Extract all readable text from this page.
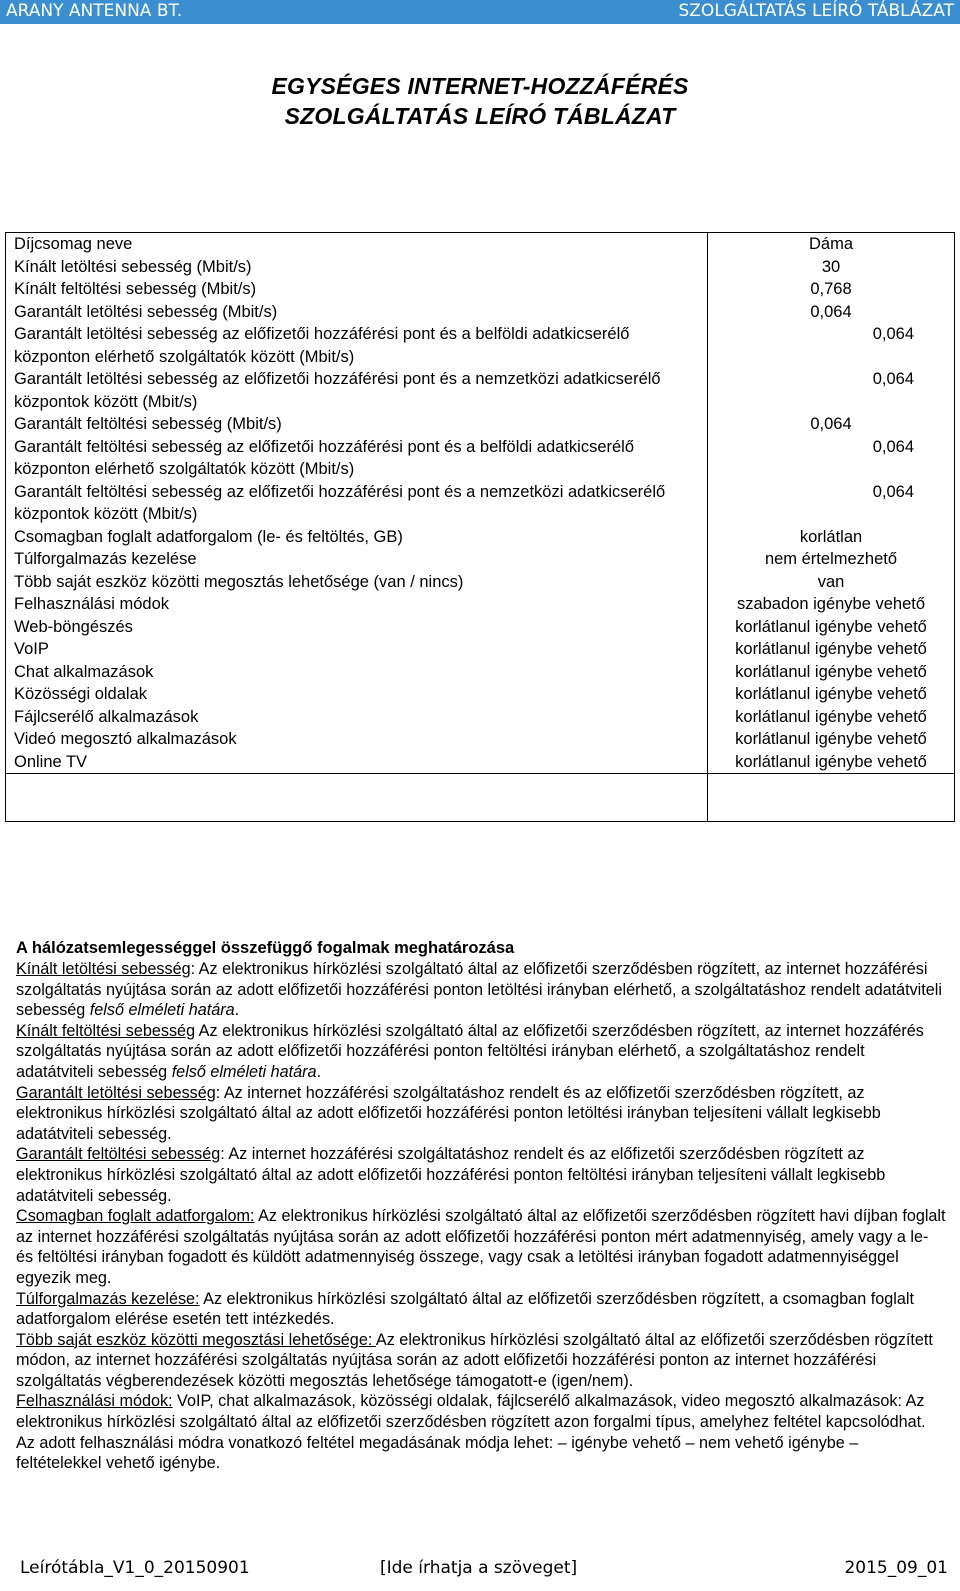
ARANY ANTENNA BT.	SZOLGÁLTATÁS LEÍRÓ TÁBLÁZAT
EGYSÉGES INTERNET-HOZZÁFÉRÉS
SZOLGÁLTATÁS LEÍRÓ TÁBLÁZAT
Díjcsomag neve	Dáma
Kínált letöltési sebesség (Mbit/s)	30
Kínált feltöltési sebesség (Mbit/s)	0,768
Garantált letöltési sebesség (Mbit/s)	0,064
Garantált letöltési sebesség az előfizetői hozzáférési pont és a belföldi adatkicserélő központon elérhető szolgáltatók között (Mbit/s)	0,064
Garantált letöltési sebesség az előfizetői hozzáférési pont és a nemzetközi adatkicserélő központok között (Mbit/s)	0,064
Garantált feltöltési sebesség (Mbit/s)	0,064
Garantált feltöltési sebesség az előfizetői hozzáférési pont és a belföldi adatkicserélő központon elérhető szolgáltatók között (Mbit/s)	0,064
Garantált feltöltési sebesség az előfizetői hozzáférési pont és a nemzetközi adatkicserélő központok között (Mbit/s)	0,064
Csomagban foglalt adatforgalom (le- és feltöltés, GB)	korlátlan
Túlforgalmazás kezelése	nem értelmezhető
Több saját eszköz közötti megosztás lehetősége (van / nincs)	van
Felhasználási módok	szabadon igénybe vehető
Web-böngészés	korlátlanul igénybe vehető
VoIP	korlátlanul igénybe vehető
Chat alkalmazások	korlátlanul igénybe vehető
Közösségi oldalak	korlátlanul igénybe vehető
Fájlcserélő alkalmazások	korlátlanul igénybe vehető
Videó megosztó alkalmazások	korlátlanul igénybe vehető
Online TV	korlátlanul igénybe vehető

A hálózatsemlegességgel összefüggő fogalmak meghatározása

Kínált letöltési sebesség: Az elektronikus hírközlési szolgáltató által az előfizetői szerződésben rögzített, az internet hozzáférési szolgáltatás nyújtása során az adott előfizetői hozzáférési ponton letöltési irányban elérhető, a szolgáltatáshoz rendelt adatátviteli sebesség felső elméleti határa.

Kínált feltöltési sebesség Az elektronikus hírközlési szolgáltató által az előfizetői szerződésben rögzített, az internet hozzáférés szolgáltatás nyújtása során az adott előfizetői hozzáférési ponton feltöltési irányban elérhető, a szolgáltatáshoz rendelt adatátviteli sebesség felső elméleti határa.

Garantált letöltési sebesség: Az internet hozzáférési szolgáltatáshoz rendelt és az előfizetői szerződésben rögzített, az elektronikus hírközlési szolgáltató által az adott előfizetői hozzáférési ponton letöltési irányban teljesíteni vállalt legkisebb adatátviteli sebesség.

Garantált feltöltési sebesség: Az internet hozzáférési szolgáltatáshoz rendelt és az előfizetői szerződésben rögzített az elektronikus hírközlési szolgáltató által az adott előfizetői hozzáférési ponton feltöltési irányban teljesíteni vállalt legkisebb adatátviteli sebesség.

Csomagban foglalt adatforgalom: Az elektronikus hírközlési szolgáltató által az előfizetői szerződésben rögzített havi díjban foglalt az internet hozzáférési szolgáltatás nyújtása során az adott előfizetői hozzáférési ponton mért adatmennyiség, amely vagy a le- és feltöltési irányban fogadott és küldött adatmennyiség összege, vagy csak a letöltési irányban fogadott adatmennyiséggel egyezik meg.

Túlforgalmazás kezelése: Az elektronikus hírközlési szolgáltató által az előfizetői szerződésben rögzített, a csomagban foglalt adatforgalom elérése esetén tett intézkedés.

Több saját eszköz közötti megosztási lehetősége: Az elektronikus hírközlési szolgáltató által az előfizetői szerződésben rögzített módon, az internet hozzáférési szolgáltatás nyújtása során az adott előfizetői hozzáférési ponton az internet hozzáférési szolgáltatás végberendezések közötti megosztás lehetősége támogatott-e (igen/nem).

Felhasználási módok: VoIP, chat alkalmazások, közösségi oldalak, fájlcserélő alkalmazások, video megosztó alkalmazások: Az elektronikus hírközlési szolgáltató által az előfizetői szerződésben rögzített azon forgalmi típus, amelyhez feltétel kapcsolódhat. Az adott felhasználási módra vonatkozó feltétel megadásának módja lehet: – igénybe vehető – nem vehető igénybe – feltételekkel vehető igénybe.

Leírótábla_V1_0_20150901	[Ide írhatja a szöveget]	2015_09_01
